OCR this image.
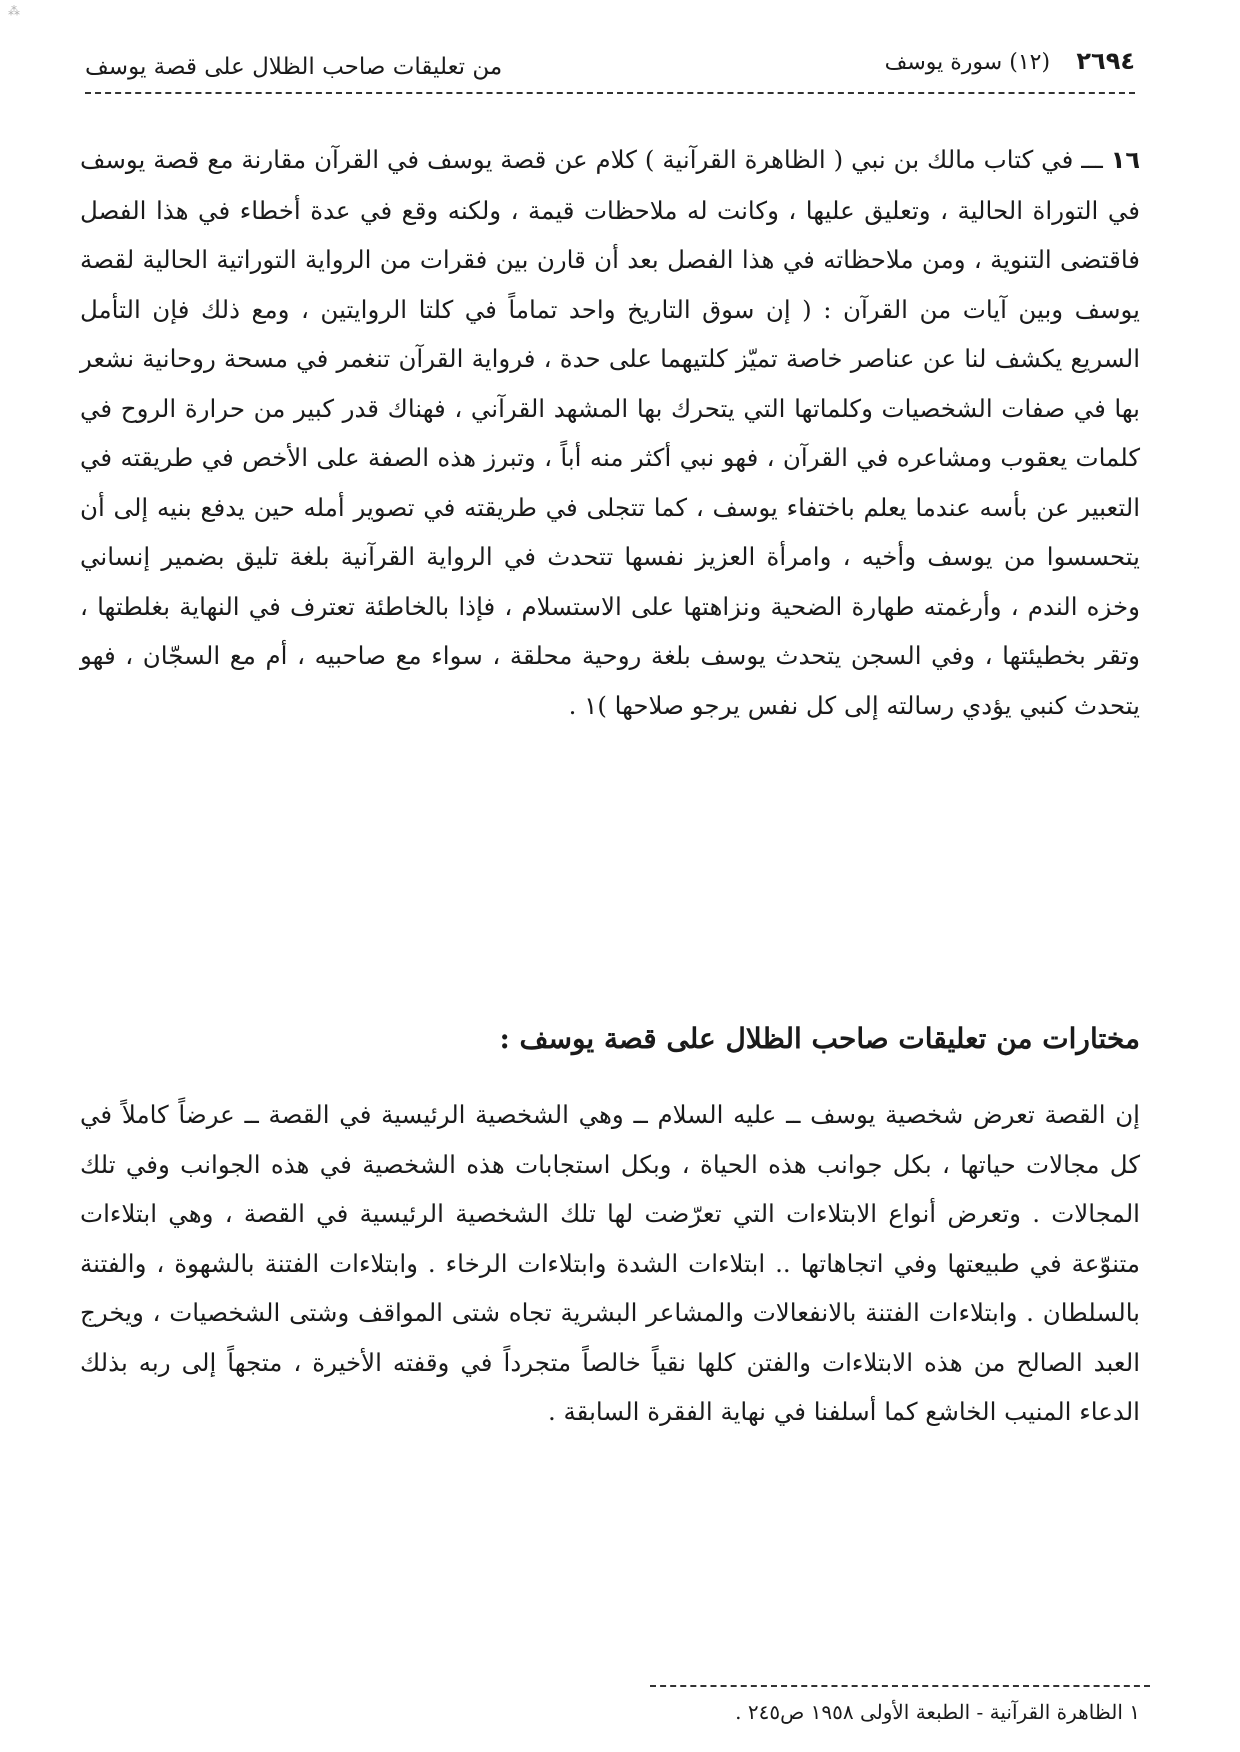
⁂
٢٦٩٤ (١٢) سورة يوسف
من تعليقات صاحب الظلال على قصة يوسف
١٦ ـــ في كتاب مالك بن نبي ( الظاهرة القرآنية ) كلام عن قصة يوسف في القرآن مقارنة مع قصة يوسف في التوراة الحالية ، وتعليق عليها ، وكانت له ملاحظات قيمة ، ولكنه وقع في عدة أخطاء في هذا الفصل فاقتضى التنوية ، ومن ملاحظاته في هذا الفصل بعد أن قارن بين فقرات من الرواية التوراتية الحالية لقصة يوسف وبين آيات من القرآن : ( إن سوق التاريخ واحد تماماً في كلتا الروايتين ، ومع ذلك فإن التأمل السريع يكشف لنا عن عناصر خاصة تميّز كلتيهما على حدة ، فرواية القرآن تنغمر في مسحة روحانية نشعر بها في صفات الشخصيات وكلماتها التي يتحرك بها المشهد القرآني ، فهناك قدر كبير من حرارة الروح في كلمات يعقوب ومشاعره في القرآن ، فهو نبي أكثر منه أباً ، وتبرز هذه الصفة على الأخص في طريقته في التعبير عن بأسه عندما يعلم باختفاء يوسف ، كما تتجلى في طريقته في تصوير أمله حين يدفع بنيه إلى أن يتحسسوا من يوسف وأخيه ، وامرأة العزيز نفسها تتحدث في الرواية القرآنية بلغة تليق بضمير إنساني وخزه الندم ، وأرغمته طهارة الضحية ونزاهتها على الاستسلام ، فإذا بالخاطئة تعترف في النهاية بغلطتها ، وتقر بخطيئتها ، وفي السجن يتحدث يوسف بلغة روحية محلقة ، سواء مع صاحبيه ، أم مع السجّان ، فهو يتحدث كنبي يؤدي رسالته إلى كل نفس يرجو صلاحها )١ .
مختارات من تعليقات صاحب الظلال على قصة يوسف :
إن القصة تعرض شخصية يوسف ــ عليه السلام ــ وهي الشخصية الرئيسية في القصة ــ عرضاً كاملاً في كل مجالات حياتها ، بكل جوانب هذه الحياة ، وبكل استجابات هذه الشخصية في هذه الجوانب وفي تلك المجالات . وتعرض أنواع الابتلاءات التي تعرّضت لها تلك الشخصية الرئيسية في القصة ، وهي ابتلاءات متنوّعة في طبيعتها وفي اتجاهاتها .. ابتلاءات الشدة وابتلاءات الرخاء . وابتلاءات الفتنة بالشهوة ، والفتنة بالسلطان . وابتلاءات الفتنة بالانفعالات والمشاعر البشرية تجاه شتى المواقف وشتى الشخصيات ، ويخرج العبد الصالح من هذه الابتلاءات والفتن كلها نقياً خالصاً متجرداً في وقفته الأخيرة ، متجهاً إلى ربه بذلك الدعاء المنيب الخاشع كما أسلفنا في نهاية الفقرة السابقة .
١ الظاهرة القرآنية - الطبعة الأولى ١٩٥٨ ص٢٤٥ .
